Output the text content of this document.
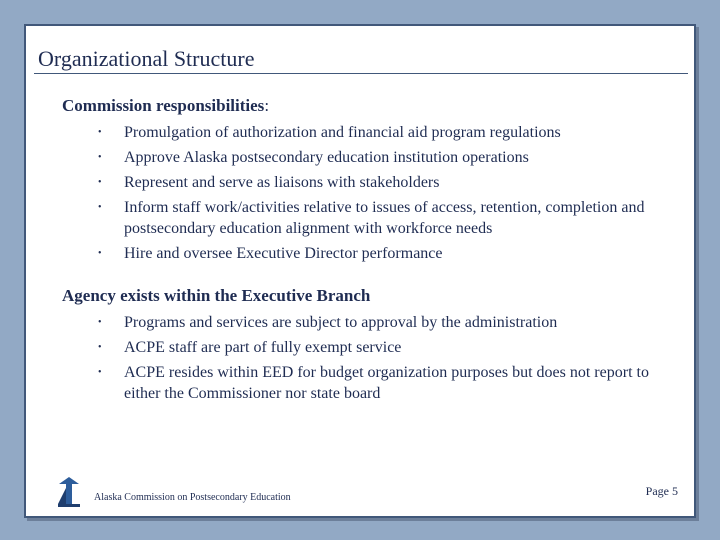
Organizational Structure
Commission responsibilities:
• Promulgation of authorization and financial aid program regulations
• Approve Alaska postsecondary education institution operations
• Represent and serve as liaisons with stakeholders
• Inform staff work/activities relative to issues of access, retention, completion and postsecondary education alignment with workforce needs
• Hire and oversee Executive Director performance
Agency exists within the Executive Branch
• Programs and services are subject to approval by the administration
• ACPE staff are part of fully exempt service
• ACPE resides within EED for budget organization purposes but does not report to either the Commissioner nor state board
Alaska Commission on Postsecondary Education	Page 5
